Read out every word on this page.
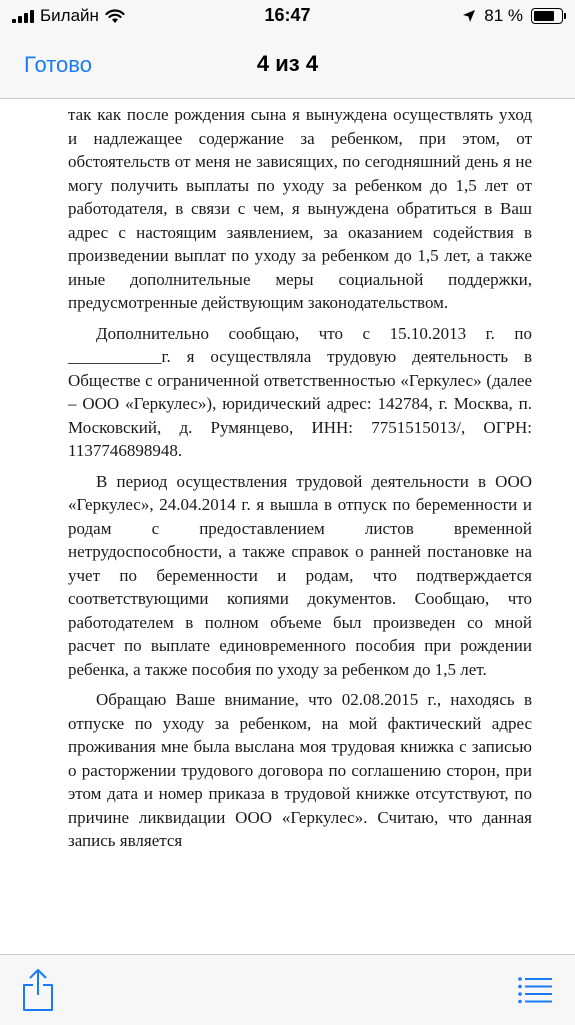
Билайн	16:47	81 %
Готово	4 из 4

так как после рождения сына я вынуждена осуществлять уход и надлежащее содержание за ребенком, при этом, от обстоятельств от меня не зависящих, по сегодняшний день я не могу получить выплаты по уходу за ребенком до 1,5 лет от работодателя, в связи с чем, я вынуждена обратиться в Ваш адрес с настоящим заявлением, за оказанием содействия в произведении выплат по уходу за ребенком до 1,5 лет, а также иные дополнительные меры социальной поддержки, предусмотренные действующим законодательством.

Дополнительно сообщаю, что с 15.10.2013 г. по ___________г. я осуществляла трудовую деятельность в Обществе с ограниченной ответственностью «Геркулес» (далее – ООО «Геркулес»), юридический адрес: 142784, г. Москва, п. Московский, д. Румянцево, ИНН: 7751515013/, ОГРН: 1137746898948.

В период осуществления трудовой деятельности в ООО «Геркулес», 24.04.2014 г. я вышла в отпуск по беременности и родам с предоставлением листов временной нетрудоспособности, а также справок о ранней постановке на учет по беременности и родам, что подтверждается соответствующими копиями документов. Сообщаю, что работодателем в полном объеме был произведен со мной расчет по выплате единовременного пособия при рождении ребенка, а также пособия по уходу за ребенком до 1,5 лет.

Обращаю Ваше внимание, что 02.08.2015 г., находясь в отпуске по уходу за ребенком, на мой фактический адрес проживания мне была выслана моя трудовая книжка с записью о расторжении трудового договора по соглашению сторон, при этом дата и номер приказа в трудовой книжке отсутствуют, по причине ликвидации ООО «Геркулес». Считаю, что данная запись является
